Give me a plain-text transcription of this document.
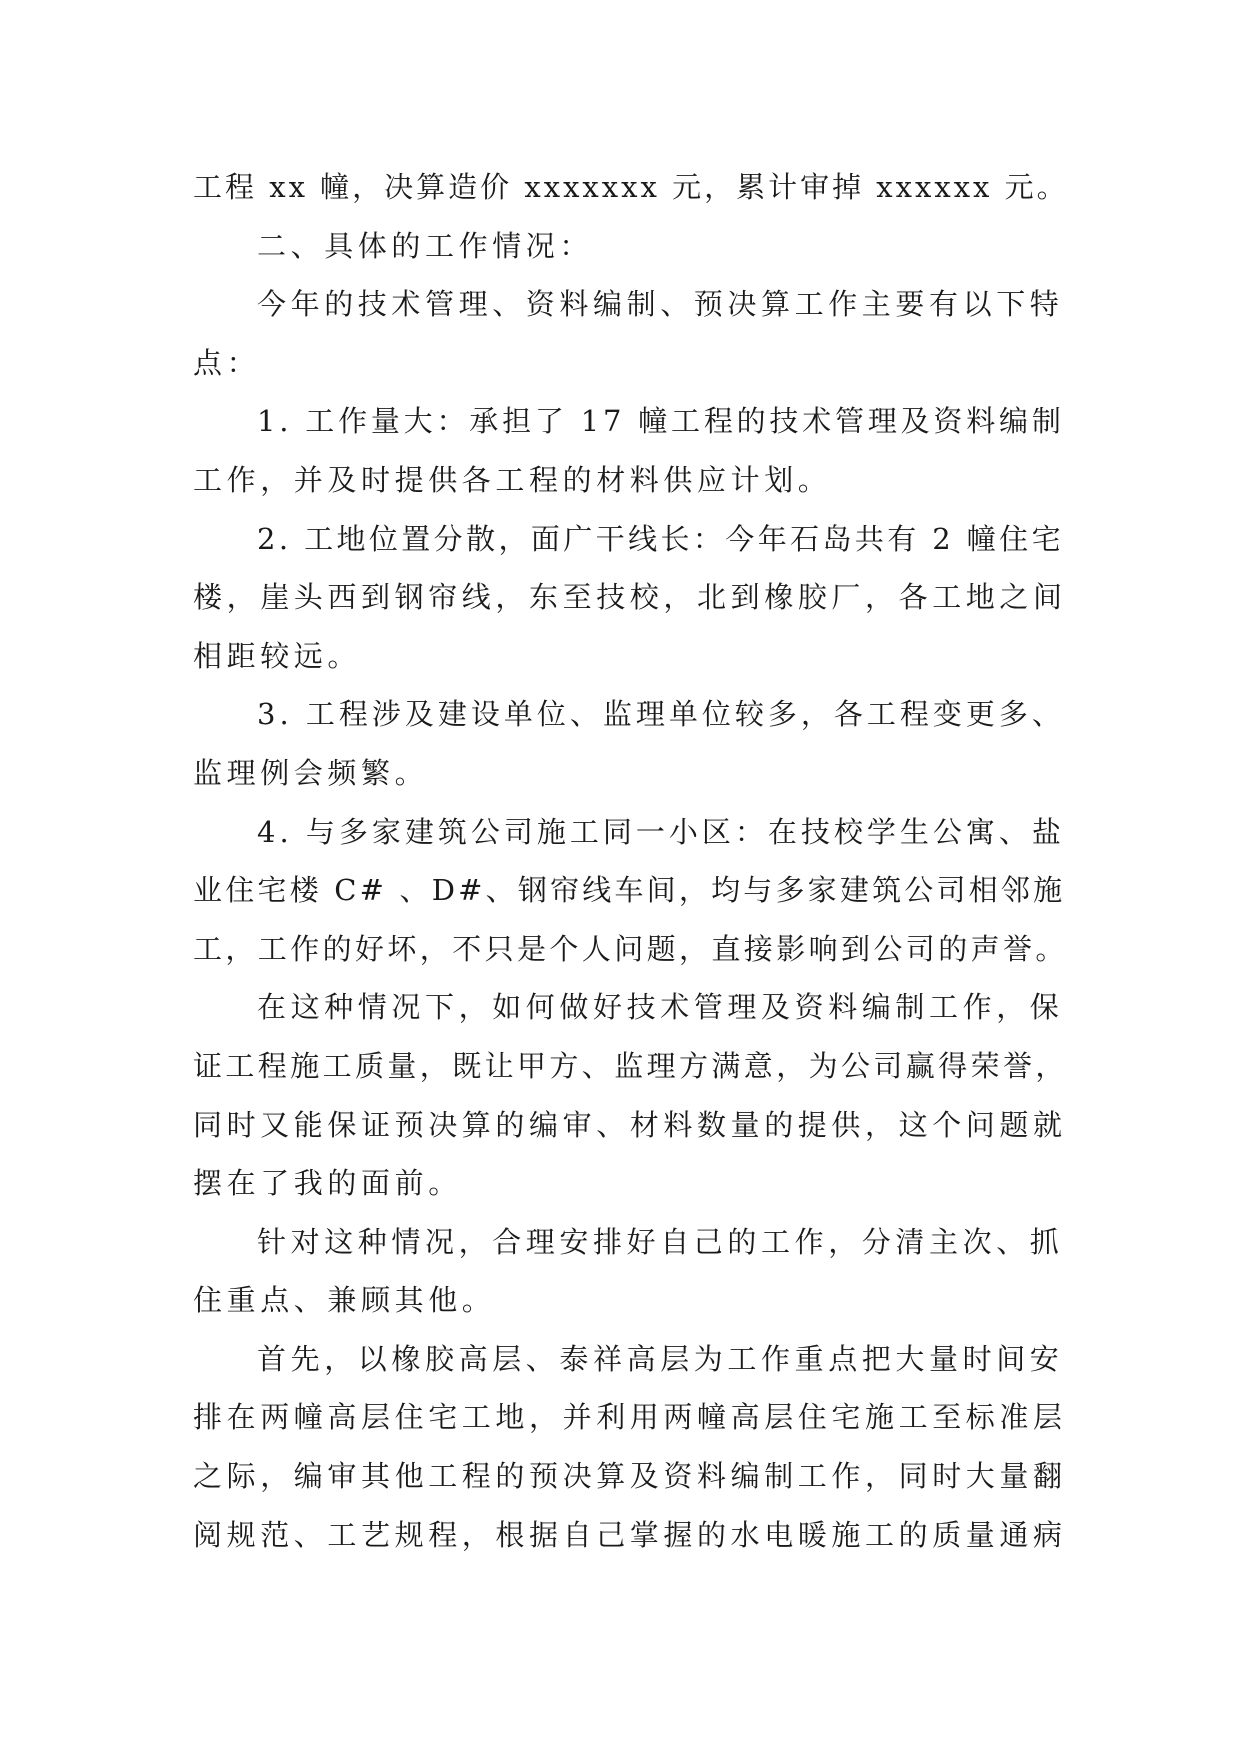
工程 xx 幢，决算造价 xxxxxxx 元，累计审掉 xxxxxx 元。
二、具体的工作情况：
今年的技术管理、资料编制、预决算工作主要有以下特
点：
1. 工作量大：承担了 17 幢工程的技术管理及资料编制
工作，并及时提供各工程的材料供应计划。
2. 工地位置分散，面广干线长：今年石岛共有 2 幢住宅
楼，崖头西到钢帘线，东至技校，北到橡胶厂，各工地之间
相距较远。
3. 工程涉及建设单位、监理单位较多，各工程变更多、
监理例会频繁。
4. 与多家建筑公司施工同一小区：在技校学生公寓、盐
业住宅楼 C# 、D#、钢帘线车间，均与多家建筑公司相邻施
工，工作的好坏，不只是个人问题，直接影响到公司的声誉。
在这种情况下，如何做好技术管理及资料编制工作，保
证工程施工质量，既让甲方、监理方满意，为公司赢得荣誉，
同时又能保证预决算的编审、材料数量的提供，这个问题就
摆在了我的面前。
针对这种情况，合理安排好自己的工作，分清主次、抓
住重点、兼顾其他。
首先，以橡胶高层、泰祥高层为工作重点把大量时间安
排在两幢高层住宅工地，并利用两幢高层住宅施工至标准层
之际，编审其他工程的预决算及资料编制工作，同时大量翻
阅规范、工艺规程，根据自己掌握的水电暖施工的质量通病
